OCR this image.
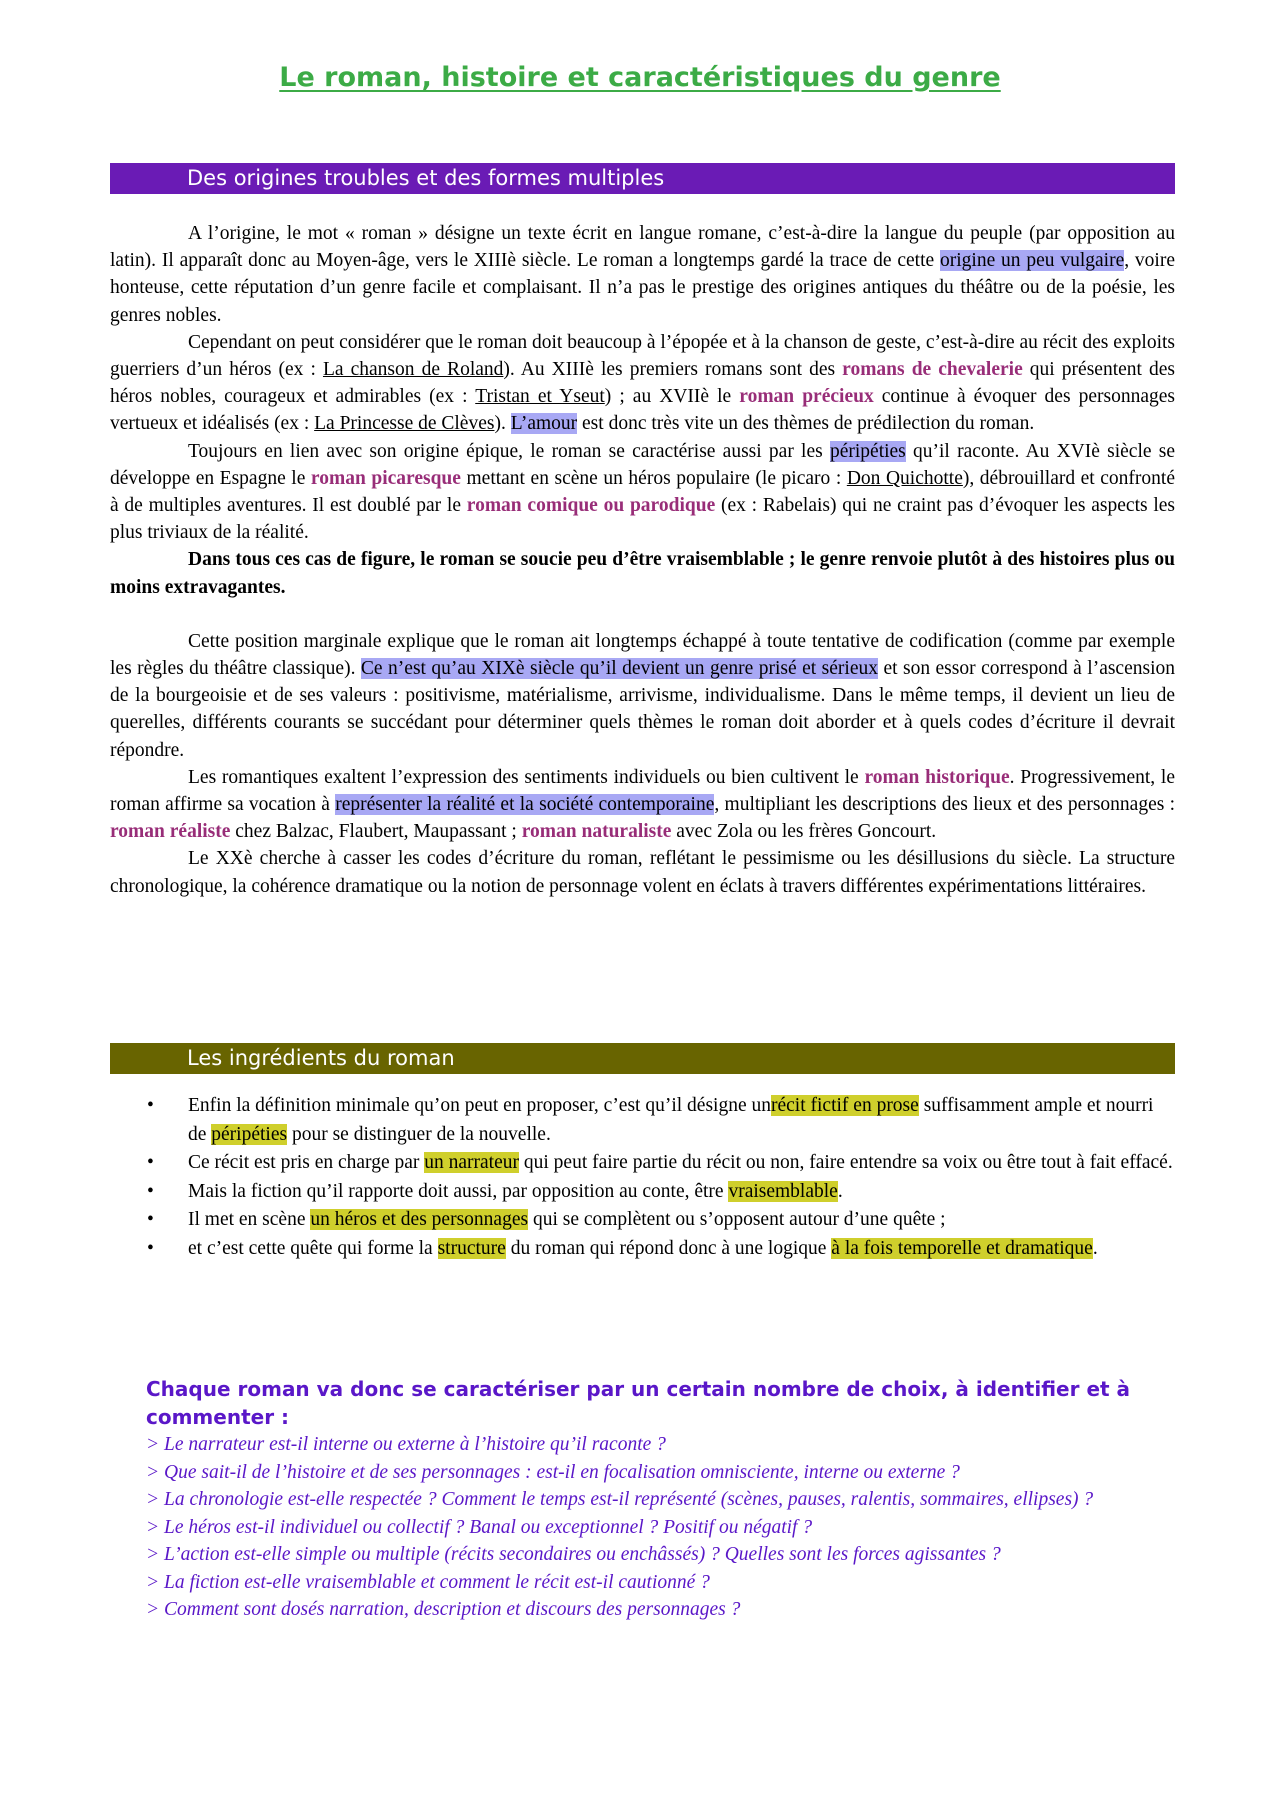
Le roman, histoire et caractéristiques du genre
Des origines troubles et des formes multiples

A l’origine, le mot « roman » désigne un texte écrit en langue romane, c’est-à-dire la langue du peuple (par opposition au latin). Il apparaît donc au Moyen-âge, vers le XIIIè siècle. Le roman a longtemps gardé la trace de cette origine un peu vulgaire, voire honteuse, cette réputation d’un genre facile et complaisant. Il n’a pas le prestige des origines antiques du théâtre ou de la poésie, les genres nobles.

Cependant on peut considérer que le roman doit beaucoup à l’épopée et à la chanson de geste, c’est-à-dire au récit des exploits guerriers d’un héros (ex : La chanson de Roland). Au XIIIè les premiers romans sont des romans de chevalerie qui présentent des héros nobles, courageux et admirables (ex : Tristan et Yseut) ; au XVIIè le roman précieux continue à évoquer des personnages vertueux et idéalisés (ex : La Princesse de Clèves). L’amour est donc très vite un des thèmes de prédilection du roman.

Toujours en lien avec son origine épique, le roman se caractérise aussi par les péripéties qu’il raconte. Au XVIè siècle se développe en Espagne le roman picaresque mettant en scène un héros populaire (le picaro : Don Quichotte), débrouillard et confronté à de multiples aventures. Il est doublé par le roman comique ou parodique (ex : Rabelais) qui ne craint pas d’évoquer les aspects les plus triviaux de la réalité.

Dans tous ces cas de figure, le roman se soucie peu d’être vraisemblable ; le genre renvoie plutôt à des histoires plus ou moins extravagantes.

Cette position marginale explique que le roman ait longtemps échappé à toute tentative de codification (comme par exemple les règles du théâtre classique). Ce n’est qu’au XIXè siècle qu’il devient un genre prisé et sérieux et son essor correspond à l’ascension de la bourgeoisie et de ses valeurs : positivisme, matérialisme, arrivisme, individualisme. Dans le même temps, il devient un lieu de querelles, différents courants se succédant pour déterminer quels thèmes le roman doit aborder et à quels codes d’écriture il devrait répondre.

Les romantiques exaltent l’expression des sentiments individuels ou bien cultivent le roman historique. Progressivement, le roman affirme sa vocation à représenter la réalité et la société contemporaine, multipliant les descriptions des lieux et des personnages : roman réaliste chez Balzac, Flaubert, Maupassant ; roman naturaliste avec Zola ou les frères Goncourt.

Le XXè cherche à casser les codes d’écriture du roman, reflétant le pessimisme ou les désillusions du siècle. La structure chronologique, la cohérence dramatique ou la notion de personnage volent en éclats à travers différentes expérimentations littéraires.

Les ingrédients du roman
• Enfin la définition minimale qu’on peut en proposer, c’est qu’il désigne unrécit fictif en prose suffisamment ample et nourri de péripéties pour se distinguer de la nouvelle.
• Ce récit est pris en charge par un narrateur qui peut faire partie du récit ou non, faire entendre sa voix ou être tout à fait effacé.
• Mais la fiction qu’il rapporte doit aussi, par opposition au conte, être vraisemblable.
• Il met en scène un héros et des personnages qui se complètent ou s’opposent autour d’une quête ;
• et c’est cette quête qui forme la structure du roman qui répond donc à une logique à la fois temporelle et dramatique.

Chaque roman va donc se caractériser par un certain nombre de choix, à identifier et à commenter :

> Le narrateur est-il interne ou externe à l’histoire qu’il raconte ?

> Que sait-il de l’histoire et de ses personnages : est-il en focalisation omnisciente, interne ou externe ?

> La chronologie est-elle respectée ? Comment le temps est-il représenté (scènes, pauses, ralentis, sommaires, ellipses) ?

> Le héros est-il individuel ou collectif ? Banal ou exceptionnel ? Positif ou négatif ?

> L’action est-elle simple ou multiple (récits secondaires ou enchâssés) ? Quelles sont les forces agissantes ?

> La fiction est-elle vraisemblable et comment le récit est-il cautionné ?

> Comment sont dosés narration, description et discours des personnages ?
